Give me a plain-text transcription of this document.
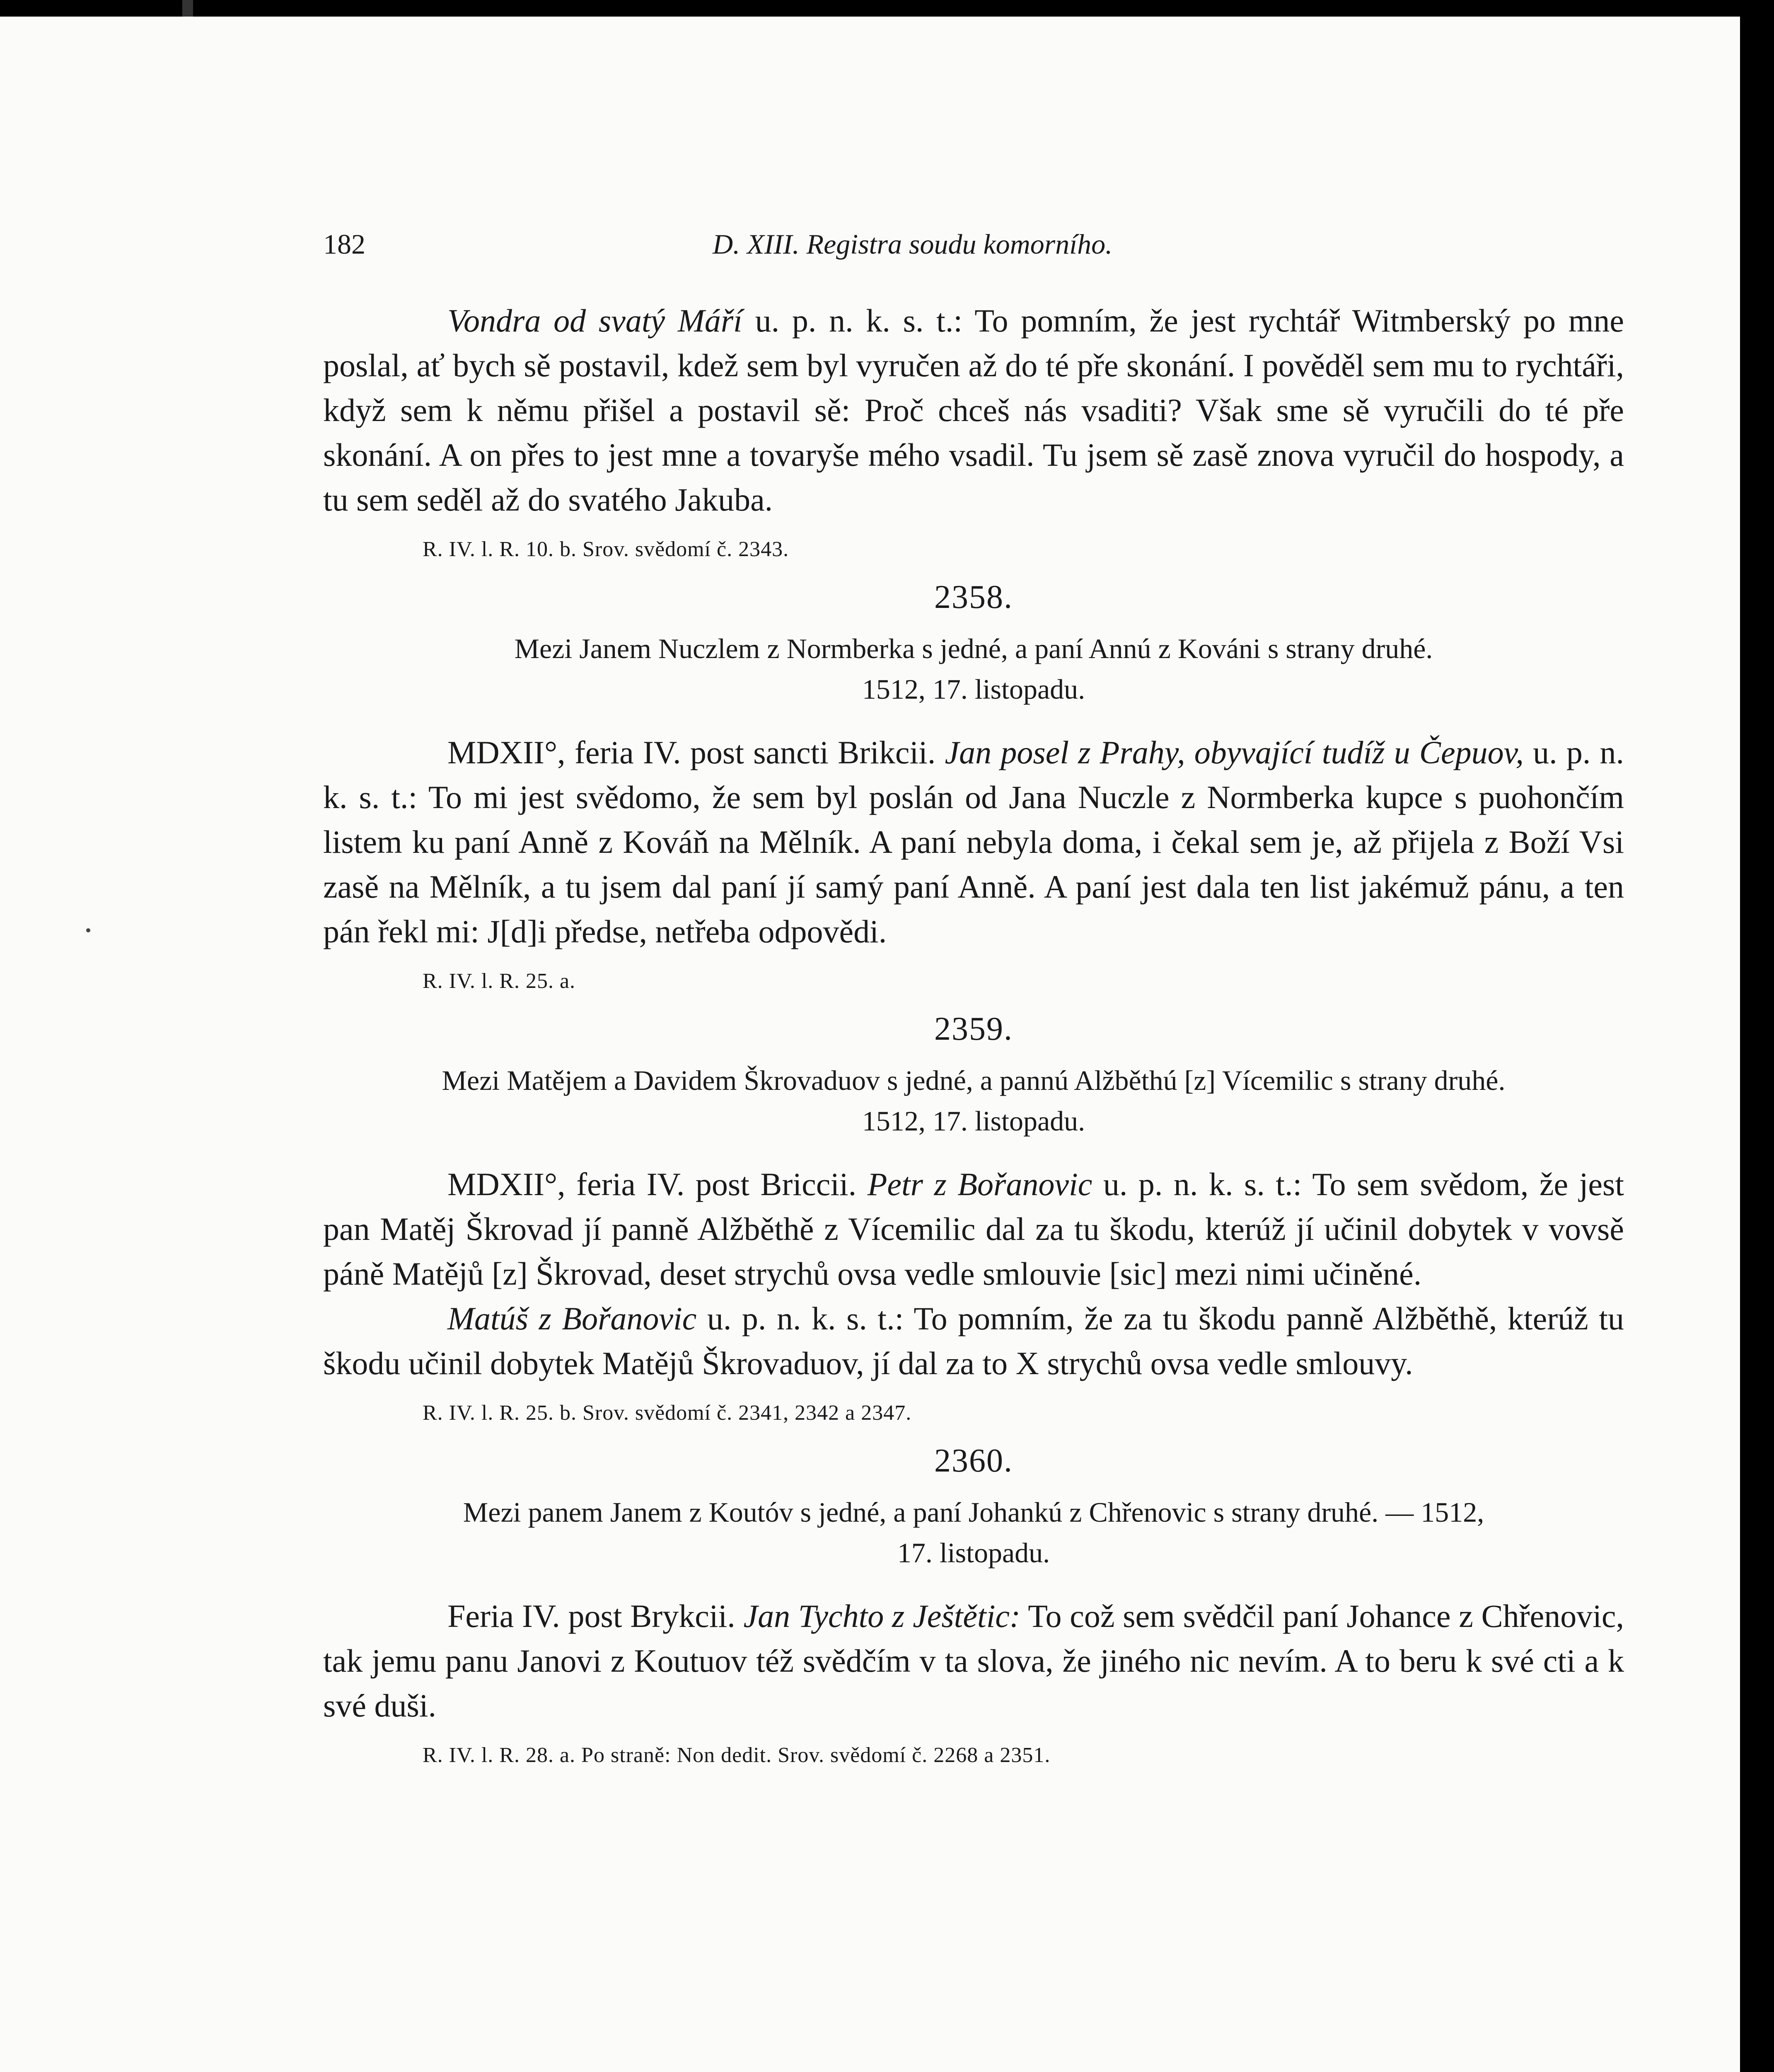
182	D. XIII. Registra soudu komorního.

Vondra od svatý Máří u. p. n. k. s. t.: To pomním, že jest rychtář Witmberský po mne poslal, ať bych sě postavil, kdež sem byl vyručen až do té pře skonání. I pověděl sem mu to rychtáři, když sem k němu přišel a postavil sě: Proč chceš nás vsaditi? Však sme sě vyručili do té pře skonání. A on přes to jest mne a tovaryše mého vsadil. Tu jsem sě zasě znova vyručil do hospody, a tu sem seděl až do svatého Jakuba.

R. IV. l. R. 10. b. Srov. svědomí č. 2343.
2358.
Mezi Janem Nuczlem z Normberka s jedné, a paní Annú z Kováni s strany druhé.
1512, 17. listopadu.

MDXII°, feria IV. post sancti Brikcii. Jan posel z Prahy, obyvající tudíž u Čepuov, u. p. n. k. s. t.: To mi jest svědomo, že sem byl poslán od Jana Nuczle z Normberka kupce s puohončím listem ku paní Anně z Kováň na Mělník. A paní nebyla doma, i čekal sem je, až přijela z Boží Vsi zasě na Mělník, a tu jsem dal paní jí samý paní Anně. A paní jest dala ten list jakémuž pánu, a ten pán řekl mi: J[d]i předse, netřeba odpovědi.

R. IV. l. R. 25. a.
2359.
Mezi Matějem a Davidem Škrovaduov s jedné, a pannú Alžběthú [z] Vícemilic s strany druhé.
1512, 17. listopadu.

MDXII°, feria IV. post Briccii. Petr z Bořanovic u. p. n. k. s. t.: To sem svědom, že jest pan Matěj Škrovad jí panně Alžběthě z Vícemilic dal za tu škodu, kterúž jí učinil dobytek v vovsě páně Matějů [z] Škrovad, deset strychů ovsa vedle smlouvie [sic] mezi nimi učiněné.

Matúš z Bořanovic u. p. n. k. s. t.: To pomním, že za tu škodu panně Alžběthě, kterúž tu škodu učinil dobytek Matějů Škrovaduov, jí dal za to X strychů ovsa vedle smlouvy.

R. IV. l. R. 25. b. Srov. svědomí č. 2341, 2342 a 2347.
2360.
Mezi panem Janem z Koutóv s jedné, a paní Johankú z Chřenovic s strany druhé. — 1512,
17. listopadu.

Feria IV. post Brykcii. Jan Tychto z Ještětic: To což sem svědčil paní Johance z Chřenovic, tak jemu panu Janovi z Koutuov též svědčím v ta slova, že jiného nic nevím. A to beru k své cti a k své duši.

R. IV. l. R. 28. a. Po straně: Non dedit. Srov. svědomí č. 2268 a 2351.
